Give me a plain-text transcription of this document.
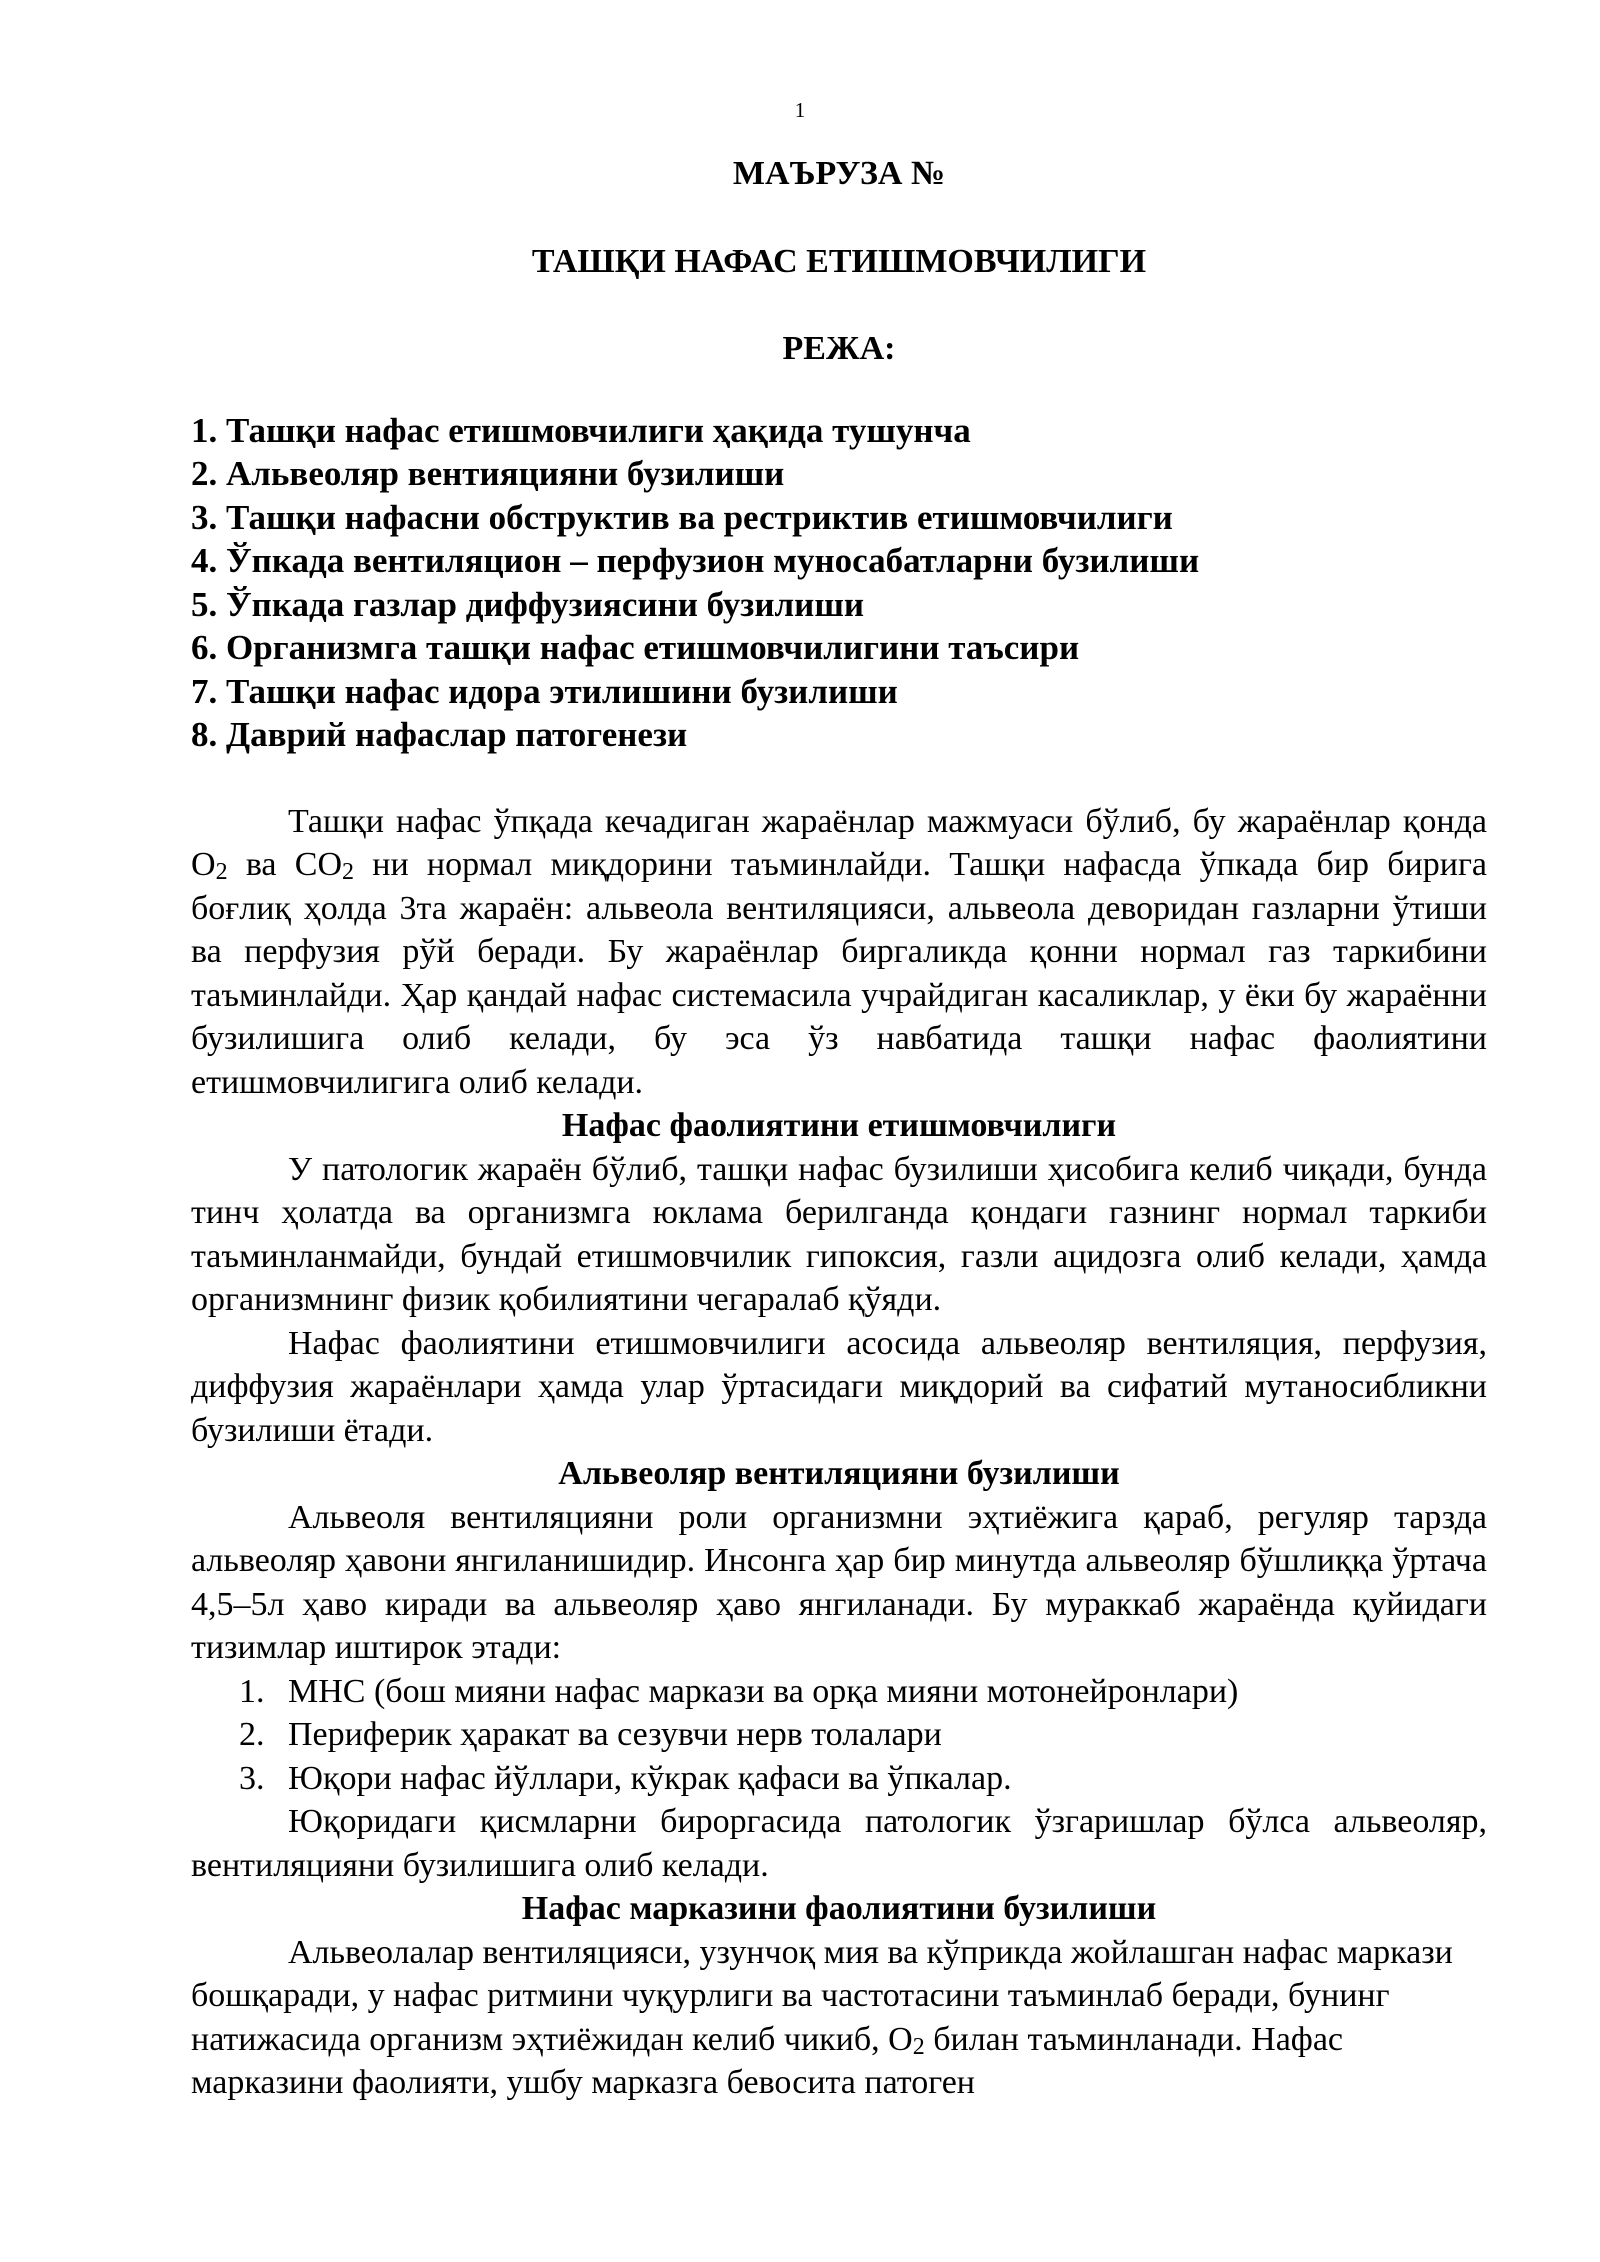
1

МАЪРУЗА №

ТАШҚИ НАФАС ЕТИШМОВЧИЛИГИ

РЕЖА:

1. Ташқи нафас етишмовчилиги ҳақида тушунча
2. Альвеоляр вентияцияни бузилиши
3. Ташқи нафасни обструктив ва рестриктив етишмовчилиги
4. Ўпкада вентиляцион – перфузион муносабатларни бузилиши
5. Ўпкада газлар диффузиясини бузилиши
6. Организмга ташқи нафас етишмовчилигини таъсири
7. Ташқи нафас идора этилишини бузилиши
8. Даврий нафаслар патогенези

Ташқи нафас ўпқада кечадиган жараёнлар мажмуаси бўлиб, бу жараёнлар қонда $О_2$ ва $СО_2$ ни нормал миқдорини таъминлайди. Ташқи нафасда ўпкада бир бирига боғлиқ ҳолда 3та жараён: альвеола вентиляцияси, альвеола деворидан газларни ўтиши ва перфузия рўй беради. Бу жараёнлар биргаликда қонни нормал газ таркибини таъминлайди. Ҳар қандай нафас системасила учрайдиган касаликлар, у ёки бу жараённи бузилишига олиб келади, бу эса ўз навбатида ташқи нафас фаолиятини етишмовчилигига олиб келади.

Нафас фаолиятини етишмовчилиги

У патологик жараён бўлиб, ташқи нафас бузилиши ҳисобига келиб чиқади, бунда тинч ҳолатда ва организмга юклама берилганда қондаги газнинг нормал таркиби таъминланмайди, бундай етишмовчилик гипоксия, газли ацидозга олиб келади, ҳамда организмнинг физик қобилиятини чегаралаб қўяди.

Нафас фаолиятини етишмовчилиги асосида альвеоляр вентиляция, перфузия, диффузия жараёнлари ҳамда улар ўртасидаги миқдорий ва сифатий мутаносибликни бузилиши ётади.

Альвеоляр вентиляцияни бузилиши

Альвеоля вентиляцияни роли организмни эҳтиёжига қараб, регуляр тарзда альвеоляр ҳавони янгиланишидир. Инсонга ҳар бир минутда альвеоляр бўшлиққа ўртача 4,5–5л ҳаво киради ва альвеоляр ҳаво янгиланади. Бу мураккаб жараёнда қуйидаги тизимлар иштирок этади:

1. МНС (бош мияни нафас маркази ва орқа мияни мотонейронлари)
2. Периферик ҳаракат ва сезувчи нерв толалари
3. Юқори нафас йўллари, кўкрак қафаси ва ўпкалар.

Юқоридаги қисмларни бироргасида патологик ўзгаришлар бўлса альвеоляр, вентиляцияни бузилишига олиб келади.

Нафас марказини фаолиятини бузилиши

Альвеолалар вентиляцияси, узунчоқ мия ва кўприкда жойлашган нафас маркази бошқаради, у нафас ритмини чуқурлиги ва частотасини таъминлаб беради, бунинг натижасида организм эҳтиёжидан келиб чикиб, $О_2$ билан таъминланади. Нафас марказини фаолияти, ушбу марказга бевосита патоген
